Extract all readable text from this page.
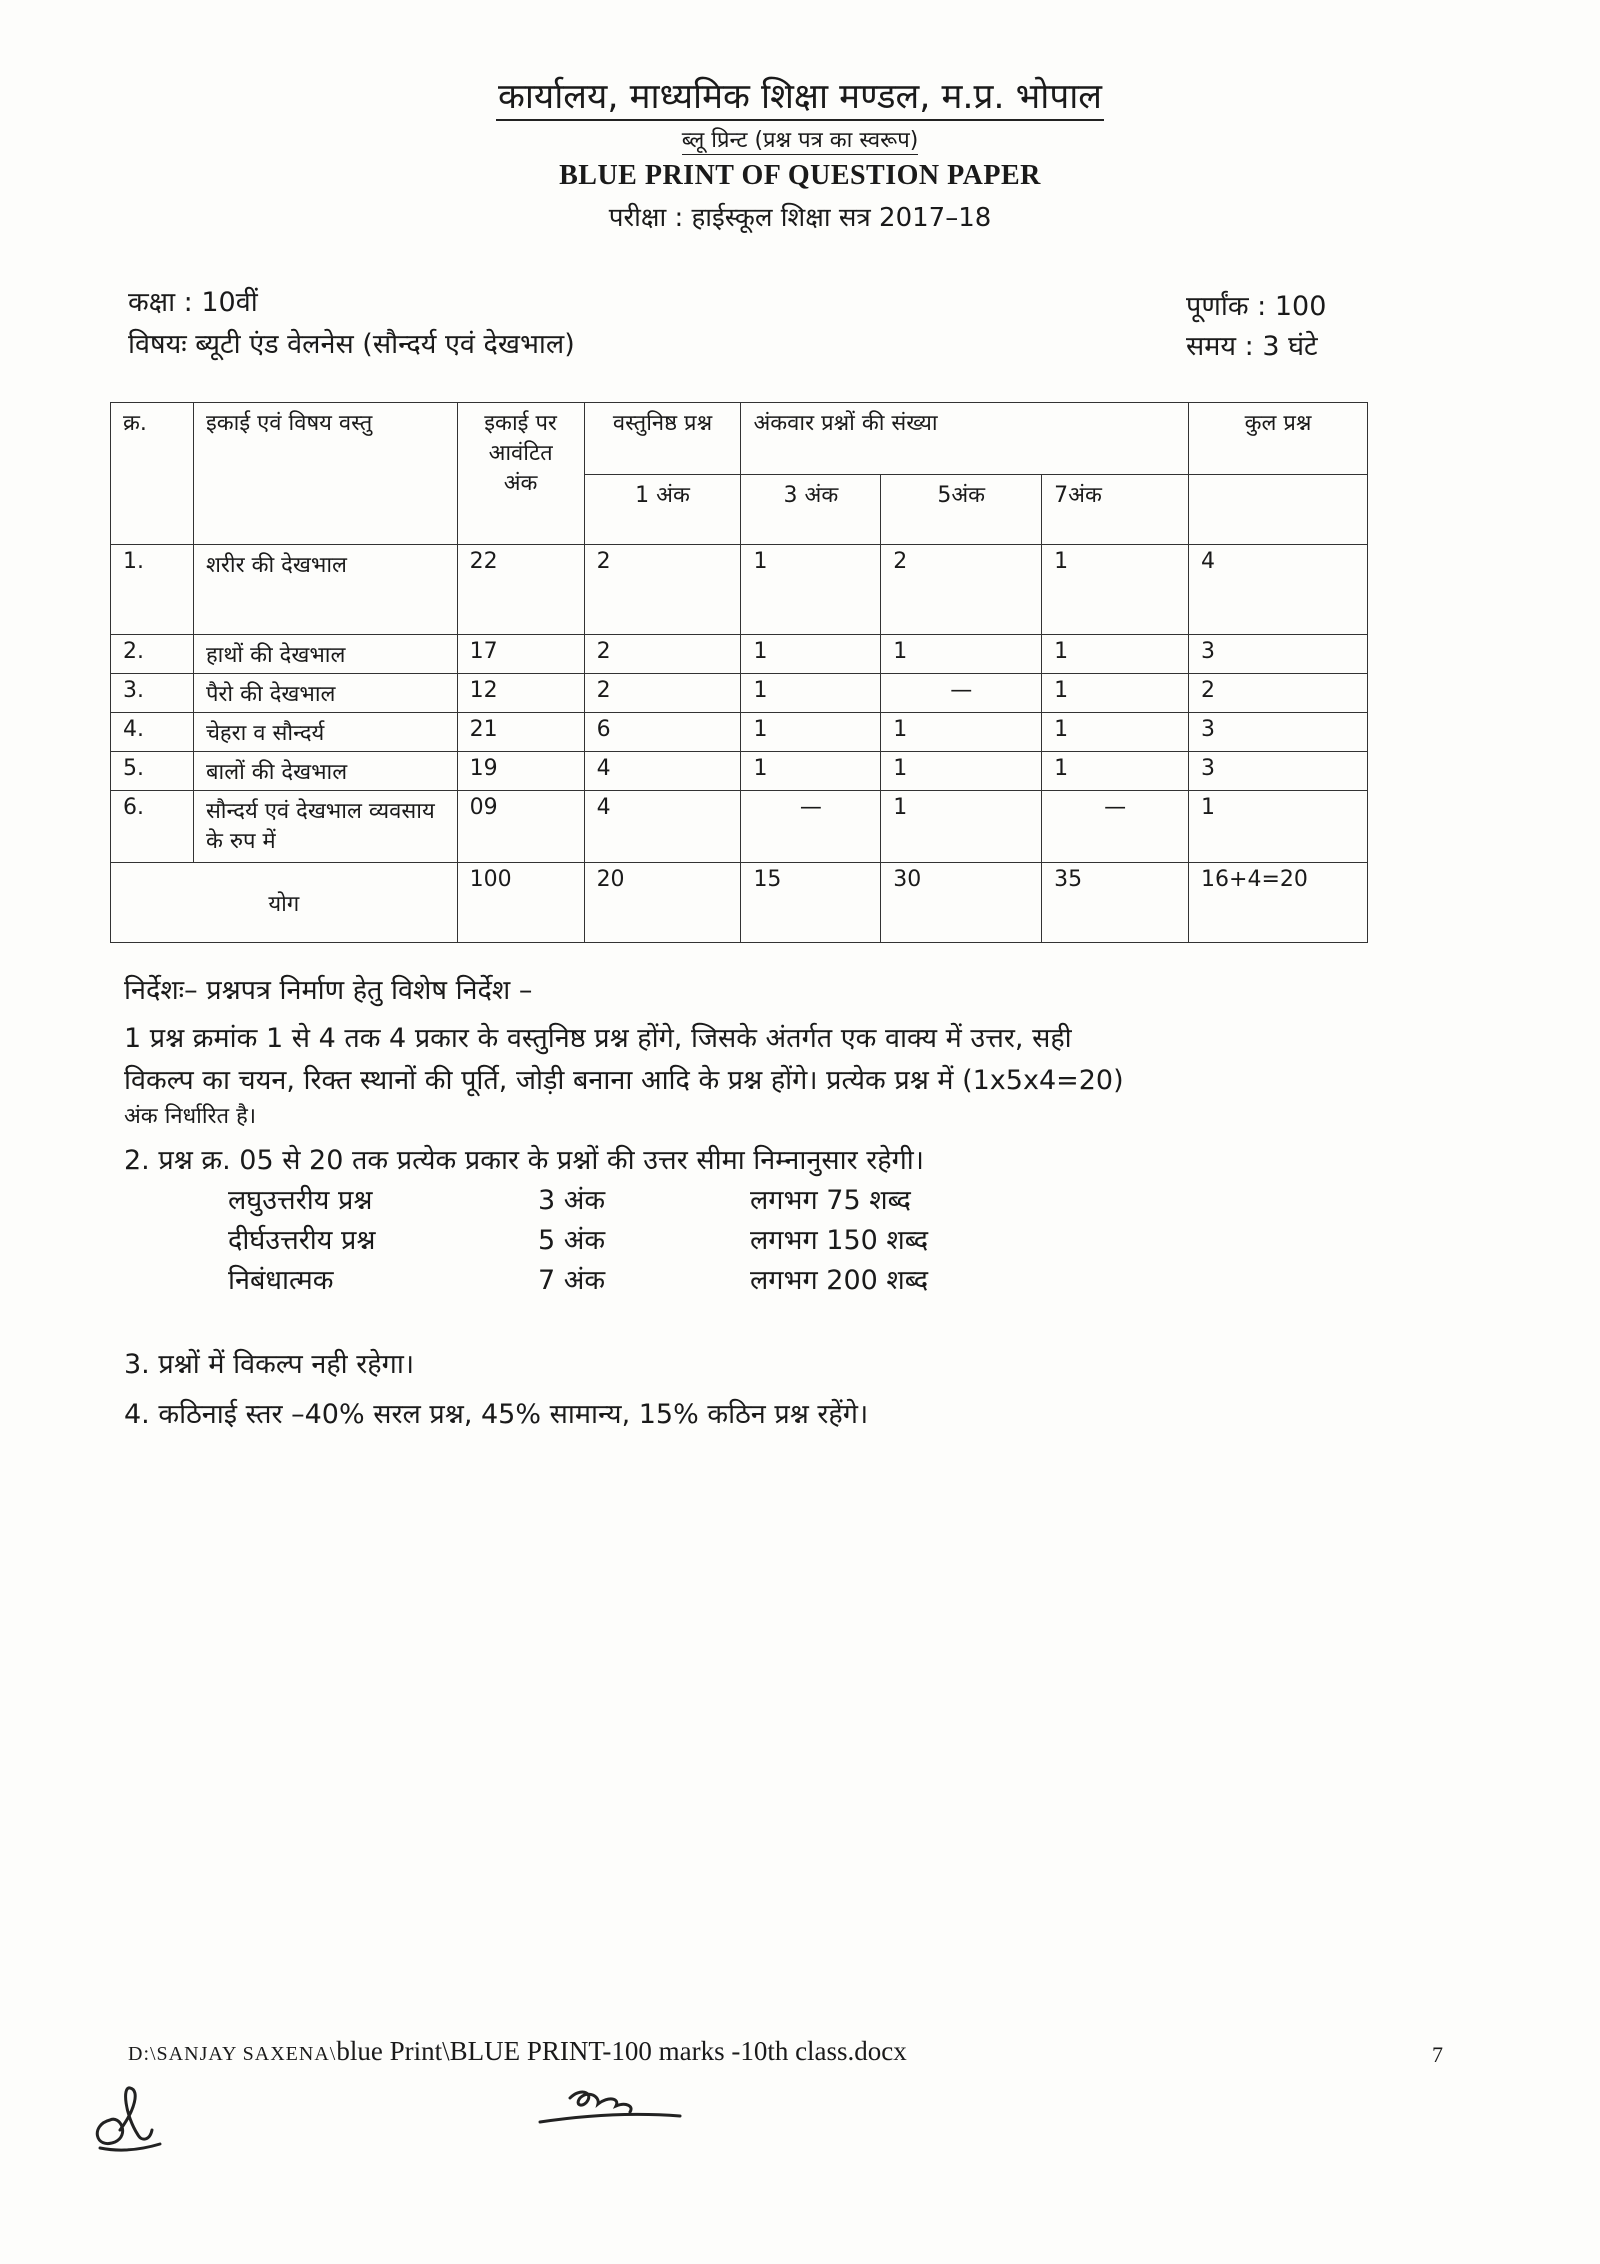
कार्यालय, माध्यमिक शिक्षा मण्डल, म.प्र. भोपाल
ब्लू प्रिन्ट (प्रश्न पत्र का स्वरूप)
BLUE PRINT OF QUESTION PAPER
परीक्षा : हाईस्कूल शिक्षा सत्र 2017–18
कक्षा : 10वीं
विषयः ब्यूटी एंड वेलनेस (सौन्दर्य एवं देखभाल)
पूर्णांक : 100
समय : 3 घंटे
क्र.	इकाई एवं विषय वस्तु	इकाई पर आवंटित अंक	वस्तुनिष्ठ प्रश्न	अंकवार प्रश्नों की संख्या			कुल प्रश्न
			1 अंक	3 अंक	5अंक	7अंक	
1.	शरीर की देखभाल	22	2	1	2	1	4
2.	हाथों की देखभाल	17	2	1	1	1	3
3.	पैरो की देखभाल	12	2	1	—	1	2
4.	चेहरा व सौन्दर्य	21	6	1	1	1	3
5.	बालों की देखभाल	19	4	1	1	1	3
6.	सौन्दर्य एवं देखभाल व्यवसाय के रुप में	09	4	—	1	—	1
योग		100	20	15	30	35	16+4=20
निर्देशः– प्रश्नपत्र निर्माण हेतु विशेष निर्देश –
1 प्रश्न क्रमांक 1 से 4 तक 4 प्रकार के वस्तुनिष्ठ प्रश्न होंगे, जिसके अंतर्गत एक वाक्य में उत्तर, सही
विकल्प का चयन, रिक्त स्थानों की पूर्ति, जोड़ी बनाना आदि के प्रश्न होंगे। प्रत्येक प्रश्न में (1x5x4=20)
अंक निर्धारित है।
2. प्रश्न क्र. 05 से 20 तक प्रत्येक प्रकार के प्रश्नों की उत्तर सीमा निम्नानुसार रहेगी।
लघुउत्तरीय प्रश्न	3 अंक	लगभग 75 शब्द
दीर्घउत्तरीय प्रश्न	5 अंक	लगभग 150 शब्द
निबंधात्मक	7 अंक	लगभग 200 शब्द
3. प्रश्नों में विकल्प नही रहेगा।
4. कठिनाई स्तर –40% सरल प्रश्न, 45% सामान्य, 15% कठिन प्रश्न रहेंगे।
D:\SANJAY SAXENA\blue Print\BLUE PRINT-100 marks -10th class.docx	7
